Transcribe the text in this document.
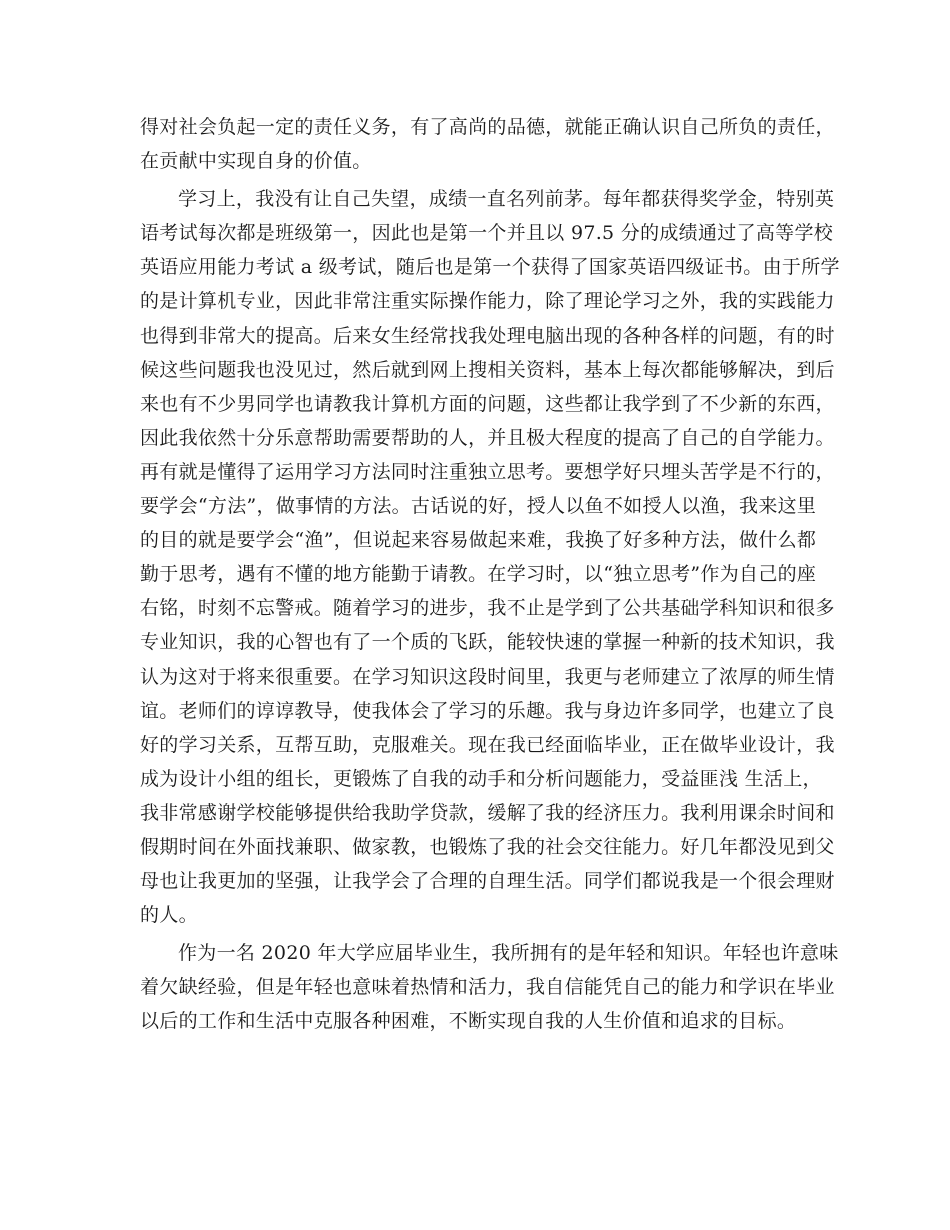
得对社会负起一定的责任义务，有了高尚的品德，就能正确认识自己所负的责任，
在贡献中实现自身的价值。
学习上，我没有让自己失望，成绩一直名列前茅。每年都获得奖学金，特别英
语考试每次都是班级第一，因此也是第一个并且以 97.5 分的成绩通过了高等学校
英语应用能力考试 a 级考试，随后也是第一个获得了国家英语四级证书。由于所学
的是计算机专业，因此非常注重实际操作能力，除了理论学习之外，我的实践能力
也得到非常大的提高。后来女生经常找我处理电脑出现的各种各样的问题，有的时
候这些问题我也没见过，然后就到网上搜相关资料，基本上每次都能够解决，到后
来也有不少男同学也请教我计算机方面的问题，这些都让我学到了不少新的东西，
因此我依然十分乐意帮助需要帮助的人，并且极大程度的提高了自己的自学能力。
再有就是懂得了运用学习方法同时注重独立思考。要想学好只埋头苦学是不行的，
要学会“方法”，做事情的方法。古话说的好，授人以鱼不如授人以渔，我来这里
的目的就是要学会“渔”，但说起来容易做起来难，我换了好多种方法，做什么都
勤于思考，遇有不懂的地方能勤于请教。在学习时，以“独立思考”作为自己的座
右铭，时刻不忘警戒。随着学习的进步，我不止是学到了公共基础学科知识和很多
专业知识，我的心智也有了一个质的飞跃，能较快速的掌握一种新的技术知识，我
认为这对于将来很重要。在学习知识这段时间里，我更与老师建立了浓厚的师生情
谊。老师们的谆谆教导，使我体会了学习的乐趣。我与身边许多同学，也建立了良
好的学习关系，互帮互助，克服难关。现在我已经面临毕业，正在做毕业设计，我
成为设计小组的组长，更锻炼了自我的动手和分析问题能力，受益匪浅 生活上，
我非常感谢学校能够提供给我助学贷款，缓解了我的经济压力。我利用课余时间和
假期时间在外面找兼职、做家教，也锻炼了我的社会交往能力。好几年都没见到父
母也让我更加的坚强，让我学会了合理的自理生活。同学们都说我是一个很会理财
的人。
作为一名 2020 年大学应届毕业生，我所拥有的是年轻和知识。年轻也许意味
着欠缺经验，但是年轻也意味着热情和活力，我自信能凭自己的能力和学识在毕业
以后的工作和生活中克服各种困难，不断实现自我的人生价值和追求的目标。
